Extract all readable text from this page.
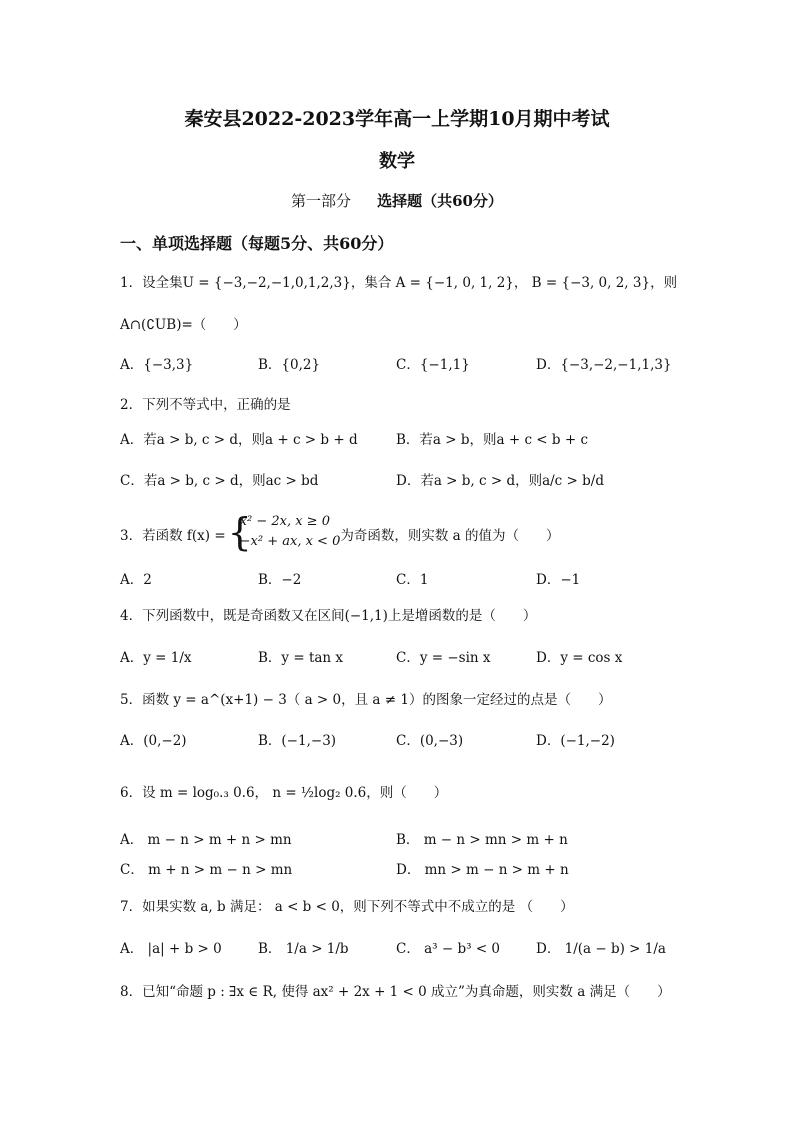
秦安县2022-2023学年高一上学期10月期中考试
数学
第一部分 选择题（共60分）
一、单项选择题（每题5分、共60分）
1．设全集U = {−3,−2,−1,0,1,2,3}，集合 A = {−1, 0, 1, 2}， B = {−3, 0, 2, 3}，则
A∩(∁UB)=（　　）
A．{−3,3}	B．{0,2}	C．{−1,1}	D．{−3,−2,−1,1,3}
2．下列不等式中，正确的是
A．若a > b, c > d，则a + c > b + d	B．若a > b，则a + c < b + c
C．若a > b, c > d，则ac > bd	D．若a > b, c > d，则a/c > b/d
3．若函数 f(x) = {
x² − 2x, x ≥ 0
−x² + ax, x < 0 为奇函数，则实数 a 的值为（　　）
A．2	B．−2	C．1	D．−1
4．下列函数中，既是奇函数又在区间(−1,1)上是增函数的是（　　）
A．y = 1/x	B．y = tan x	C．y = −sin x	D．y = cos x
5．函数 y = a^(x+1) − 3（ a > 0，且 a ≠ 1）的图象一定经过的点是（　　）
A．(0,−2)	B．(−1,−3)	C．(0,−3)	D．(−1,−2)
6．设 m = log₀.₃ 0.6， n = ½log₂ 0.6，则（　　）
A． m − n > m + n > mn	B． m − n > mn > m + n
C． m + n > m − n > mn	D． mn > m − n > m + n
7．如果实数 a, b 满足： a < b < 0，则下列不等式中不成立的是 （　　）
A． |a| + b > 0	B． 1/a > 1/b	C． a³ − b³ < 0	D． 1/(a − b) > 1/a
8．已知“命题 p : ∃x ∈ R, 使得 ax² + 2x + 1 < 0 成立”为真命题，则实数 a 满足（　　）
